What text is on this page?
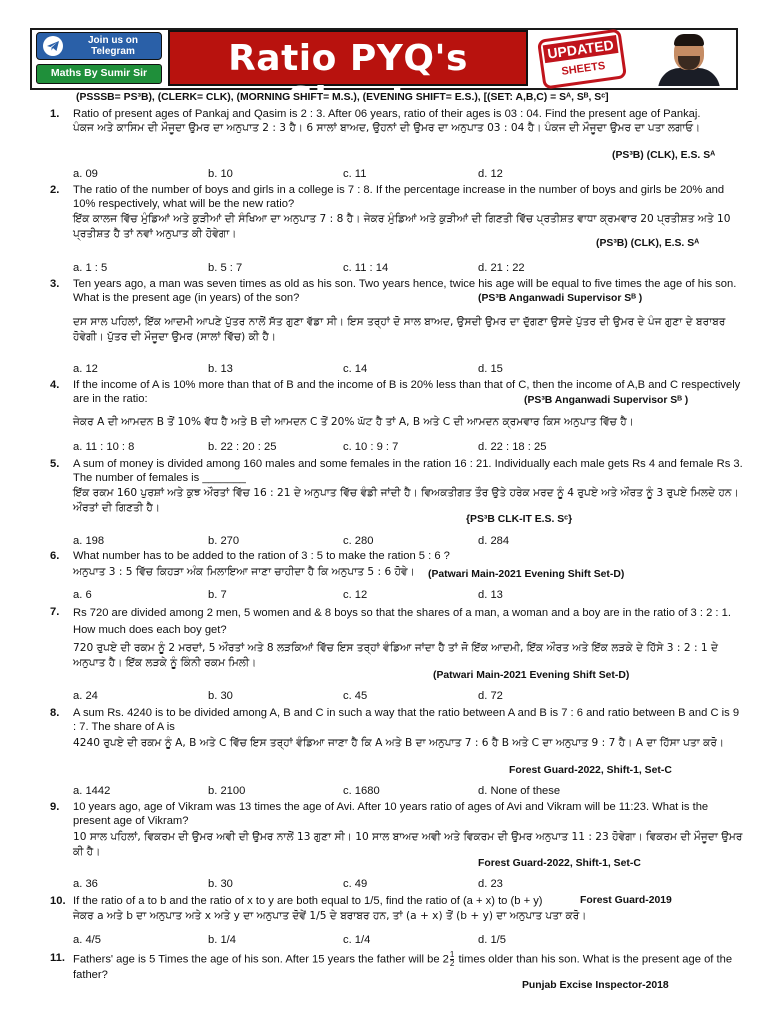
Join us on Telegram
Maths By Sumir Sir	Ratio PYQ's Sheet
UPDATED
SHEETS
(PSSSB= PS³B), (CLERK= CLK), (MORNING SHIFT= M.S.), (EVENING SHIFT= E.S.), [(SET: A,B,C) = Sᴬ, Sᴮ, Sᶜ]
1. Ratio of present ages of Pankaj and Qasim is 2 : 3. After 06 years, ratio of their ages is 03 : 04. Find the present age of Pankaj.
ਪੰਕਜ ਅਤੇ ਕਾਸਿਮ ਦੀ ਮੌਜੂਦਾ ਉਮਰ ਦਾ ਅਨੁਪਾਤ 2 : 3 ਹੈ। 6 ਸਾਲਾਂ ਬਾਅਦ, ਉਹਨਾਂ ਦੀ ਉਮਰ ਦਾ ਅਨੁਪਾਤ 03 : 04 ਹੈ। ਪੰਕਜ ਦੀ ਮੌਜੂਦਾ ਉਮਰ ਦਾ ਪਤਾ ਲਗਾਓ।
(PS³B) (CLK), E.S. Sᴬ
a. 09	b. 10	c. 11	d. 12
2. The ratio of the number of boys and girls in a college is 7 : 8. If the percentage increase in the number of boys and girls be 20% and 10% respectively, what will be the new ratio?
ਇੱਕ ਕਾਲਜ ਵਿੱਚ ਮੁੰਡਿਆਂ ਅਤੇ ਕੁੜੀਆਂ ਦੀ ਸੰਖਿਆ ਦਾ ਅਨੁਪਾਤ 7 : 8 ਹੈ। ਜੇਕਰ ਮੁੰਡਿਆਂ ਅਤੇ ਕੁੜੀਆਂ ਦੀ ਗਿਣਤੀ ਵਿੱਚ ਪ੍ਰਤੀਸ਼ਤ ਵਾਧਾ ਕ੍ਰਮਵਾਰ 20 ਪ੍ਰਤੀਸ਼ਤ ਅਤੇ 10 ਪ੍ਰਤੀਸ਼ਤ ਹੈ ਤਾਂ ਨਵਾਂ ਅਨੁਪਾਤ ਕੀ ਹੋਵੇਗਾ।
(PS³B) (CLK), E.S. Sᴬ
a. 1 : 5	b. 5 : 7	c. 11 : 14	d. 21 : 22
3. Ten years ago, a man was seven times as old as his son. Two years hence, twice his age will be equal to five times the age of his son. What is the present age (in years) of the son?	(PS³B Anganwadi Supervisor Sᴮ )
ਦਸ ਸਾਲ ਪਹਿਲਾਂ, ਇੱਕ ਆਦਮੀ ਆਪਣੇ ਪੁੱਤਰ ਨਾਲੋਂ ਸੱਤ ਗੁਣਾ ਵੱਡਾ ਸੀ। ਇਸ ਤਰ੍ਹਾਂ ਦੋ ਸਾਲ ਬਾਅਦ, ਉਸਦੀ ਉਮਰ ਦਾ ਦੁੱਗਣਾ ਉਸਦੇ ਪੁੱਤਰ ਦੀ ਉਮਰ ਦੇ ਪੰਜ ਗੁਣਾ ਦੇ ਬਰਾਬਰ ਹੋਵੇਗੀ। ਪੁੱਤਰ ਦੀ ਮੌਜੂਦਾ ਉਮਰ (ਸਾਲਾਂ ਵਿੱਚ) ਕੀ ਹੈ।
a. 12	b. 13	c. 14	d. 15
4. If the income of A is 10% more than that of B and the income of B is 20% less than that of C, then the income of A,B and C respectively are in the ratio:	(PS³B Anganwadi Supervisor Sᴮ )
ਜੇਕਰ A ਦੀ ਆਮਦਨ B ਤੋਂ 10% ਵੱਧ ਹੈ ਅਤੇ B ਦੀ ਆਮਦਨ C ਤੋਂ 20% ਘੱਟ ਹੈ ਤਾਂ A, B ਅਤੇ C ਦੀ ਆਮਦਨ ਕ੍ਰਮਵਾਰ ਕਿਸ ਅਨੁਪਾਤ ਵਿੱਚ ਹੈ।
a. 11 : 10 : 8	b. 22 : 20 : 25	c. 10 : 9 : 7	d. 22 : 18 : 25
5. A sum of money is divided among 160 males and some females in the ration 16 : 21. Individually each male gets Rs 4 and female Rs 3. The number of females is _______
ਇੱਕ ਰਕਮ 160 ਪੁਰਸ਼ਾਂ ਅਤੇ ਕੁਝ ਔਰਤਾਂ ਵਿੱਚ 16 : 21 ਦੇ ਅਨੁਪਾਤ ਵਿੱਚ ਵੰਡੀ ਜਾਂਦੀ ਹੈ। ਵਿਅਕਤੀਗਤ ਤੌਰ ਉਤੇ ਹਰੇਕ ਮਰਦ ਨੂੰ 4 ਰੁਪਏ ਅਤੇ ਔਰਤ ਨੂੰ 3 ਰੁਪਏ ਮਿਲਦੇ ਹਨ। ਔਰਤਾਂ ਦੀ ਗਿਣਤੀ ਹੈ।
{PS³B CLK-IT E.S. Sᶜ}
a. 198	b. 270	c. 280	d. 284
6. What number has to be added to the ration of 3 : 5 to make the ration 5 : 6 ?
ਅਨੁਪਾਤ 3 : 5 ਵਿੱਚ ਕਿਹੜਾ ਅੰਕ ਮਿਲਾਇਆ ਜਾਣਾ ਚਾਹੀਦਾ ਹੈ ਕਿ ਅਨੁਪਾਤ 5 : 6 ਹੋਵੇ।	(Patwari Main-2021 Evening Shift Set-D)
a. 6	b. 7	c. 12	d. 13
7. Rs 720 are divided among 2 men, 5 women and & 8 boys so that the shares of a man, a woman and a boy are in the ratio of 3 : 2 : 1. How much does each boy get?
720 ਰੁਪਏ ਦੀ ਰਕਮ ਨੂੰ 2 ਮਰਦਾਂ, 5 ਔਰਤਾਂ ਅਤੇ 8 ਲੜਕਿਆਂ ਵਿੱਚ ਇਸ ਤਰ੍ਹਾਂ ਵੰਡਿਆ ਜਾਂਦਾ ਹੈ ਤਾਂ ਜੋ ਇੱਕ ਆਦਮੀ, ਇੱਕ ਔਰਤ ਅਤੇ ਇੱਕ ਲੜਕੇ ਦੇ ਹਿੱਸੇ 3 : 2 : 1 ਦੇ ਅਨੁਪਾਤ ਹੈ। ਇੱਕ ਲੜਕੇ ਨੂੰ ਕਿੰਨੀ ਰਕਮ ਮਿਲੀ।
(Patwari Main-2021 Evening Shift Set-D)
a. 24	b. 30	c. 45	d. 72
8. A sum Rs. 4240 is to be divided among A, B and C in such a way that the ratio between A and B is 7 : 6 and ratio between B and C is 9 : 7. The share of A is
4240 ਰੁਪਏ ਦੀ ਰਕਮ ਨੂੰ A, B ਅਤੇ C ਵਿੱਚ ਇਸ ਤਰ੍ਹਾਂ ਵੰਡਿਆ ਜਾਣਾ ਹੈ ਕਿ A ਅਤੇ B ਦਾ ਅਨੁਪਾਤ 7 : 6 ਹੈ B ਅਤੇ C ਦਾ ਅਨੁਪਾਤ 9 : 7 ਹੈ। A ਦਾ ਹਿੱਸਾ ਪਤਾ ਕਰੋ।
Forest Guard-2022, Shift-1, Set-C
a. 1442	b. 2100	c. 1680	d. None of these
9. 10 years ago, age of Vikram was 13 times the age of Avi. After 10 years ratio of ages of Avi and Vikram will be 11:23. What is the present age of Vikram?
10 ਸਾਲ ਪਹਿਲਾਂ, ਵਿਕਰਮ ਦੀ ਉਮਰ ਅਵੀ ਦੀ ਉਮਰ ਨਾਲੋਂ 13 ਗੁਣਾ ਸੀ। 10 ਸਾਲ ਬਾਅਦ ਅਵੀ ਅਤੇ ਵਿਕਰਮ ਦੀ ਉਮਰ ਅਨੁਪਾਤ 11 : 23 ਹੋਵੇਗਾ। ਵਿਕਰਮ ਦੀ ਮੌਜੂਦਾ ਉਮਰ ਕੀ ਹੈ।
Forest Guard-2022, Shift-1, Set-C
a. 36	b. 30	c. 49	d. 23
10. If the ratio of a to b and the ratio of x to y are both equal to 1/5, find the ratio of (a + x) to (b + y)	Forest Guard-2019
ਜੇਕਰ a ਅਤੇ b ਦਾ ਅਨੁਪਾਤ ਅਤੇ x ਅਤੇ y ਦਾ ਅਨੁਪਾਤ ਦੋਵੇਂ 1/5 ਦੇ ਬਰਾਬਰ ਹਨ, ਤਾਂ (a + x) ਤੋਂ (b + y) ਦਾ ਅਨੁਪਾਤ ਪਤਾ ਕਰੋ।
a. 4/5	b. 1/4	c. 1/4	d. 1/5
11. Fathers' age is 5 Times the age of his son. After 15 years the father will be $2 \frac{1}{2}$ times older than his son. What is the present age of the father?
Punjab Excise Inspector-2018
